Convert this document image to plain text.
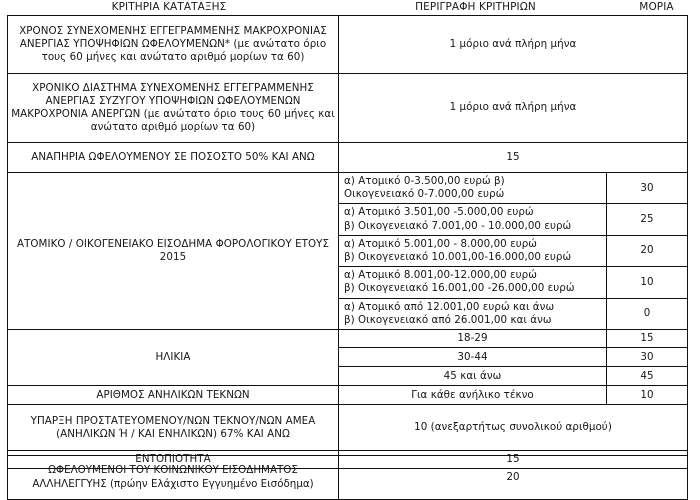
ΚΡΙΤΗΡΙΑ ΚΑΤΑΤΑΞΗΣ	ΠΕΡΙΓΡΑΦΗ ΚΡΙΤΗΡΙΩΝ	ΜΟΡΙΑ
ΧΡΟΝΟΣ ΣΥΝΕΧΟΜΕΝΗΣ ΕΓΓΕΓΡΑΜΜΕΝΗΣ ΜΑΚΡΟΧΡΟΝΙΑΣ ΑΝΕΡΓΙΑΣ ΥΠΟΨΗΦΙΩΝ ΩΦΕΛΟΥΜΕΝΩΝ* (με ανώτατο όριο τους 60 μήνες και ανώτατο αριθμό μορίων τα 60)	1 μόριο ανά πλήρη μήνα	
ΧΡΟΝΙΚΟ ΔΙΑΣΤΗΜΑ ΣΥΝΕΧΟΜΕΝΗΣ ΕΓΓΕΓΡΑΜΜΕΝΗΣ ΑΝΕΡΓΙΑΣ ΣΥΖΥΓΟΥ ΥΠΟΨΗΦΙΩΝ ΩΦΕΛΟΥΜΕΝΩΝ ΜΑΚΡΟΧΡΟΝΙΑ ΑΝΕΡΓΩΝ (με ανώτατο όριο τους 60 μήνες και ανώτατο αριθμό μορίων τα 60)	1 μόριο ανά πλήρη μήνα	
ΑΝΑΠΗΡΙΑ ΩΦΕΛΟΥΜΕΝΟΥ ΣΕ ΠΟΣΟΣΤΟ 50% ΚΑΙ ΑΝΩ	15	
ΑΤΟΜΙΚΟ / ΟΙΚΟΓΕΝΕΙΑΚΟ ΕΙΣΟΔΗΜΑ ΦΟΡΟΛΟΓΙΚΟΥ ΕΤΟΥΣ 2015	α) Ατομικό 0-3.500,00 ευρώ β)
Οικογενειακό 0-7.000,00 ευρώ	30

	α) Ατομικό 3.501,00 -5.000,00 ευρώ
β) Οικογενειακό 7.001,00 - 10.000,00 ευρώ	25

	α) Ατομικό 5.001,00 - 8.000,00 ευρώ
β) Οικογενειακό 10.001,00-16.000,00 ευρώ	20

	α) Ατομικό 8.001,00-12.000,00 ευρώ
β) Οικογενειακό 16.001,00 -26.000,00 ευρώ	10

	α) Ατομικό από 12.001,00 ευρώ και άνω
β) Οικογενειακό από 26.001,00 και άνω	0
ΗΛΙΚΙΑ	18-29	15
	30-44	30
	45 και άνω	45
ΑΡΙΘΜΟΣ ΑΝΗΛΙΚΩΝ ΤΕΚΝΩΝ	Για κάθε ανήλικο τέκνο	10
ΥΠΑΡΞΗ ΠΡΟΣΤΑΤΕΥΟΜΕΝΟΥ/ΝΩΝ ΤΕΚΝΟΥ/ΝΩΝ ΑΜΕΑ (ΑΝΗΛΙΚΩΝ Ή / ΚΑΙ ΕΝΗΛΙΚΩΝ) 67% ΚΑΙ ΑΝΩ	10 (ανεξαρτήτως συνολικού αριθμού)	
ΕΝΤΟΠΙΟΤΗΤΑ	15	
ΩΦΕΛΟΥΜΕΝΟΙ ΤΟΥ ΚΟΙΝΩΝΙΚΟΥ ΕΙΣΟΔΗΜΑΤΟΣ ΑΛΛΗΛΕΓΓΥΗΣ (πρώην Ελάχιστο Εγγυημένο Εισόδημα)	20
